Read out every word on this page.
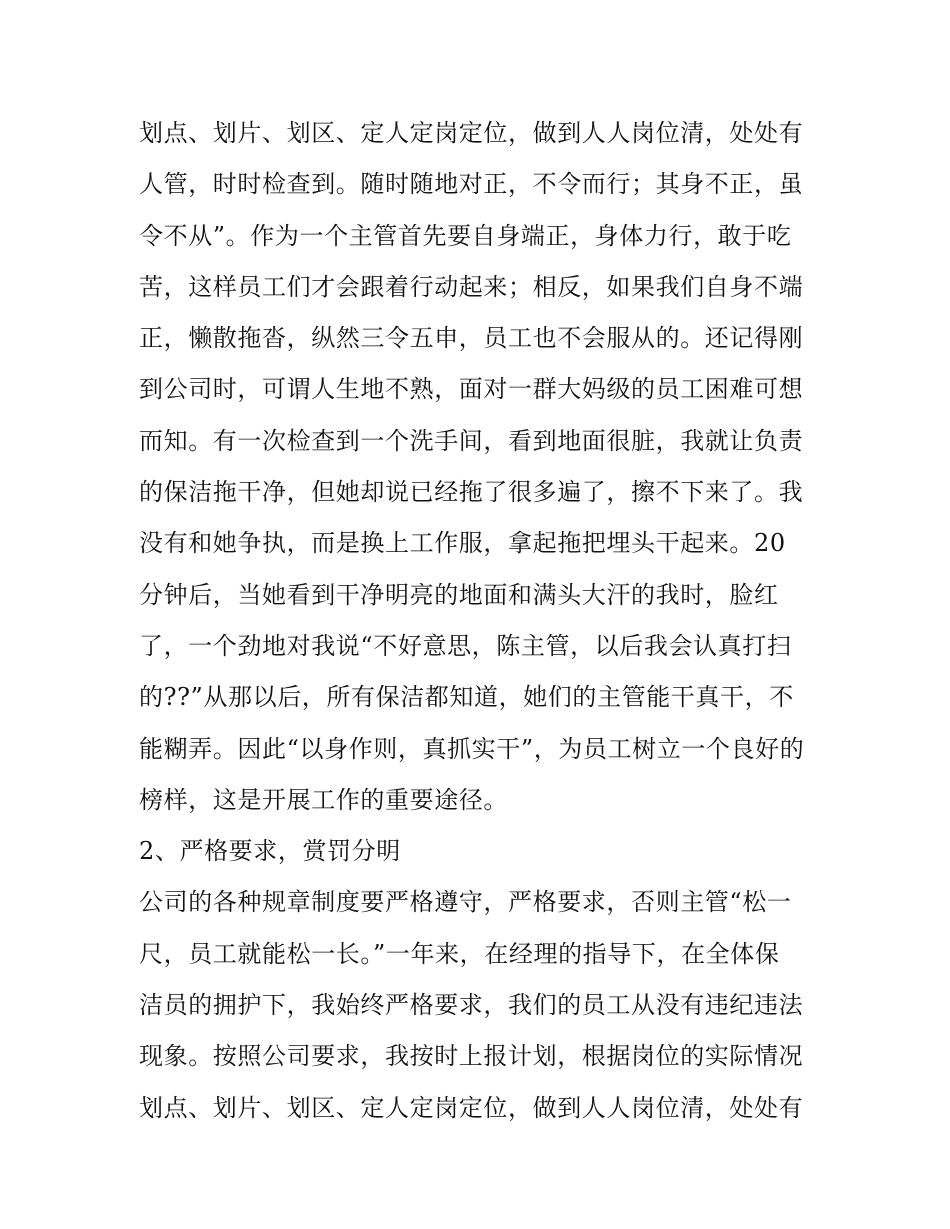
划点、划片、划区、定人定岗定位，做到人人岗位清，处处有
人管，时时检查到。随时随地对正，不令而行；其身不正，虽
令不从”。作为一个主管首先要自身端正，身体力行，敢于吃
苦，这样员工们才会跟着行动起来；相反，如果我们自身不端
正，懒散拖沓，纵然三令五申，员工也不会服从的。还记得刚
到公司时，可谓人生地不熟，面对一群大妈级的员工困难可想
而知。有一次检查到一个洗手间，看到地面很脏，我就让负责
的保洁拖干净，但她却说已经拖了很多遍了，擦不下来了。我
没有和她争执，而是换上工作服，拿起拖把埋头干起来。20
分钟后，当她看到干净明亮的地面和满头大汗的我时，脸红
了，一个劲地对我说“不好意思，陈主管，以后我会认真打扫
的??”从那以后，所有保洁都知道，她们的主管能干真干，不
能糊弄。因此“以身作则，真抓实干”，为员工树立一个良好的
榜样，这是开展工作的重要途径。
2、严格要求，赏罚分明
公司的各种规章制度要严格遵守，严格要求，否则主管“松一
尺，员工就能松一长。”一年来，在经理的指导下，在全体保
洁员的拥护下，我始终严格要求，我们的员工从没有违纪违法
现象。按照公司要求，我按时上报计划，根据岗位的实际情况
划点、划片、划区、定人定岗定位，做到人人岗位清，处处有
